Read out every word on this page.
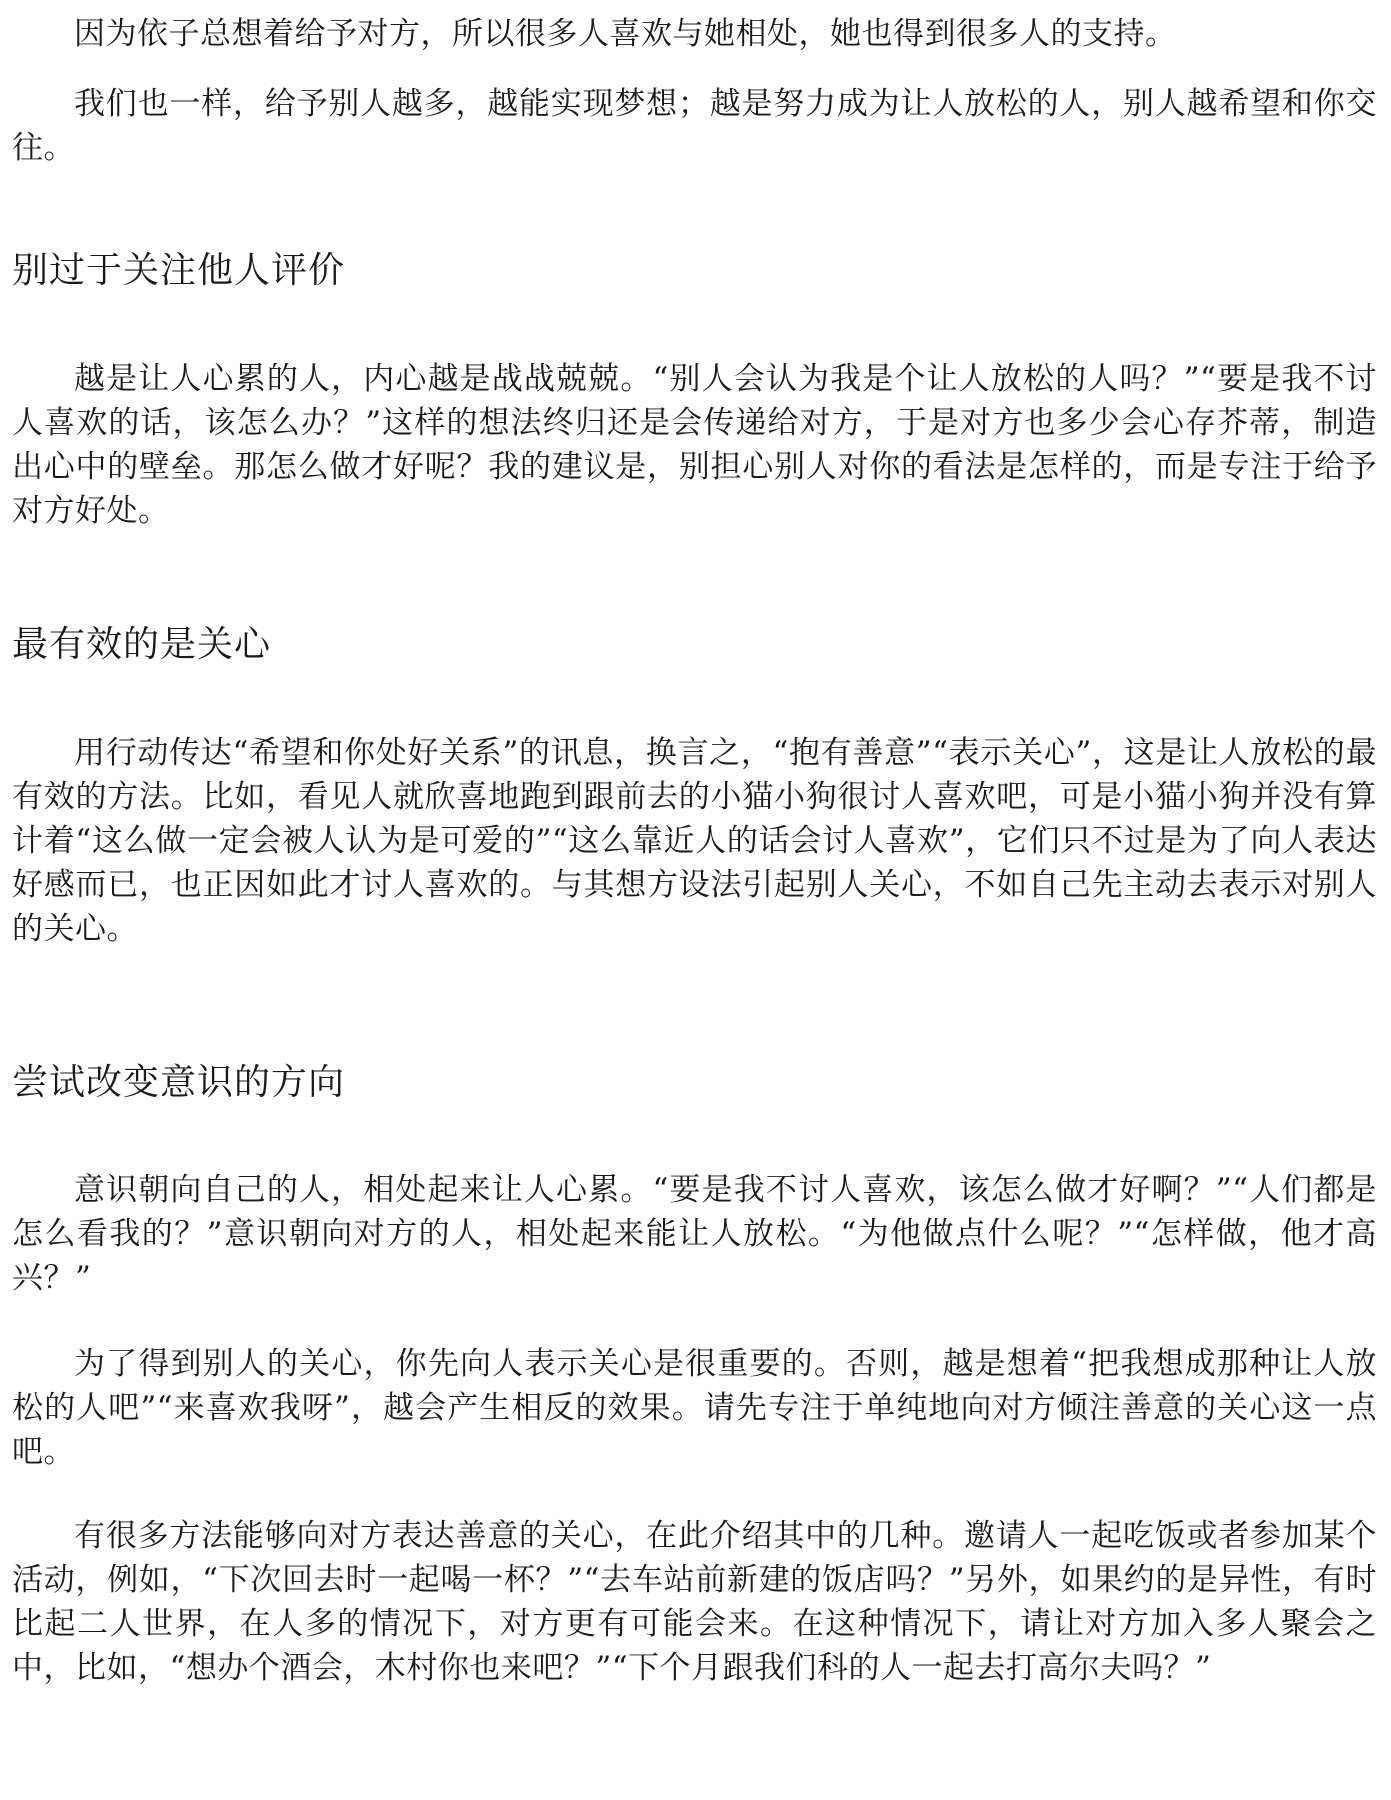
因为依子总想着给予对方，所以很多人喜欢与她相处，她也得到很多人的支持。

我们也一样，给予别人越多，越能实现梦想；越是努力成为让人放松的人，别人越希望和你交往。

别过于关注他人评价

越是让人心累的人，内心越是战战兢兢。“别人会认为我是个让人放松的人吗？”“要是我不讨人喜欢的话，该怎么办？”这样的想法终归还是会传递给对方，于是对方也多少会心存芥蒂，制造出心中的壁垒。那怎么做才好呢？我的建议是，别担心别人对你的看法是怎样的，而是专注于给予对方好处。

最有效的是关心

用行动传达“希望和你处好关系”的讯息，换言之，“抱有善意”“表示关心”，这是让人放松的最有效的方法。比如，看见人就欣喜地跑到跟前去的小猫小狗很讨人喜欢吧，可是小猫小狗并没有算计着“这么做一定会被人认为是可爱的”“这么靠近人的话会讨人喜欢”，它们只不过是为了向人表达好感而已，也正因如此才讨人喜欢的。与其想方设法引起别人关心，不如自己先主动去表示对别人的关心。

尝试改变意识的方向

意识朝向自己的人，相处起来让人心累。“要是我不讨人喜欢，该怎么做才好啊？”“人们都是怎么看我的？”意识朝向对方的人，相处起来能让人放松。“为他做点什么呢？”“怎样做，他才高兴？”

为了得到别人的关心，你先向人表示关心是很重要的。否则，越是想着“把我想成那种让人放松的人吧”“来喜欢我呀”，越会产生相反的效果。请先专注于单纯地向对方倾注善意的关心这一点吧。

有很多方法能够向对方表达善意的关心，在此介绍其中的几种。邀请人一起吃饭或者参加某个活动，例如，“下次回去时一起喝一杯？”“去车站前新建的饭店吗？”另外，如果约的是异性，有时比起二人世界，在人多的情况下，对方更有可能会来。在这种情况下，请让对方加入多人聚会之中，比如，“想办个酒会，木村你也来吧？”“下个月跟我们科的人一起去打高尔夫吗？”
